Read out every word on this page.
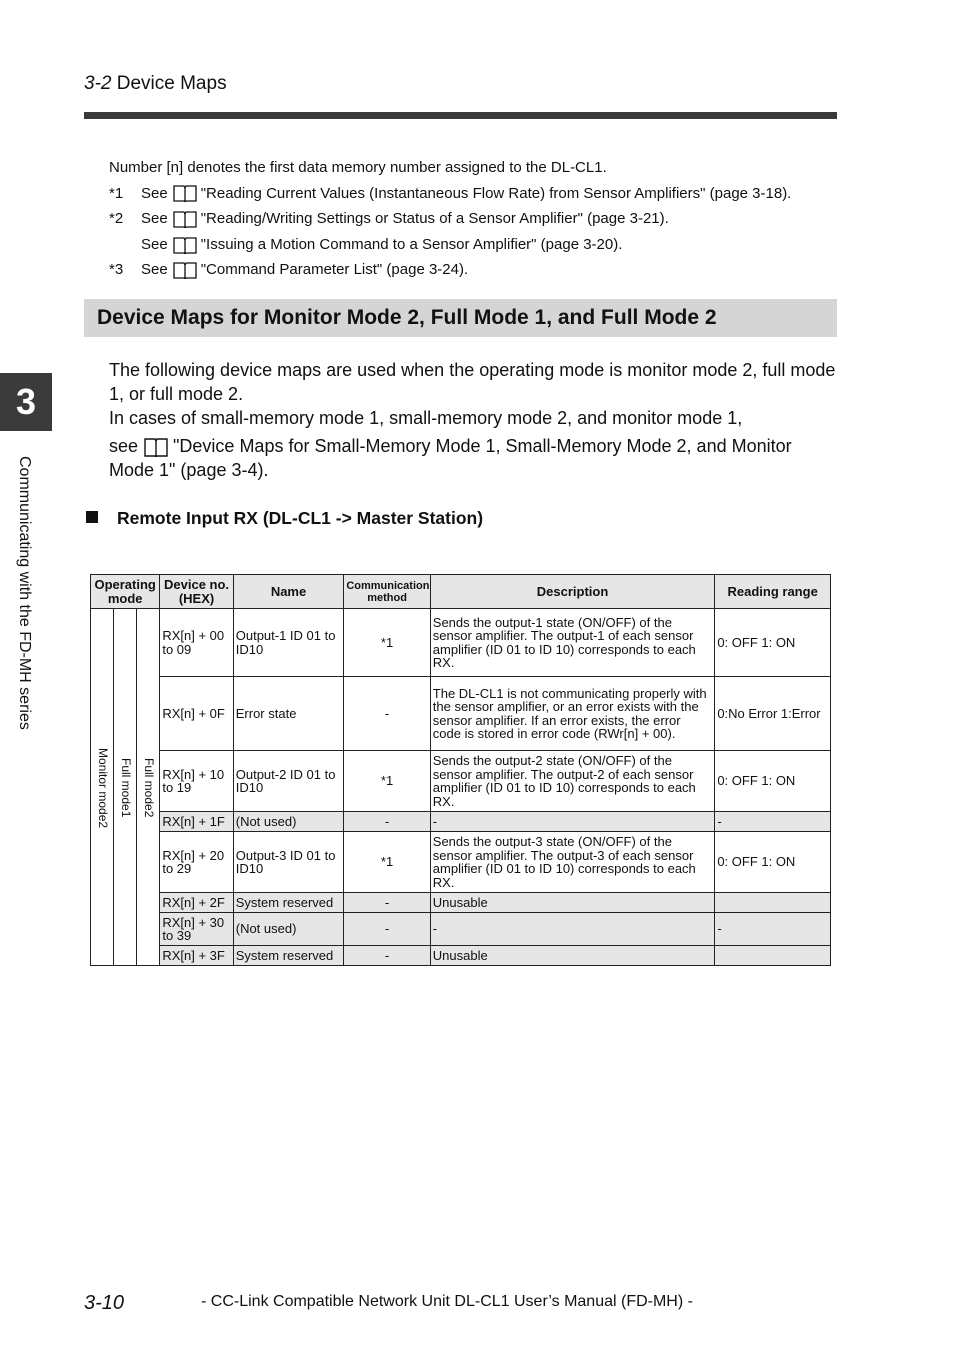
3-2 Device Maps
Number [n] denotes the first data memory number assigned to the DL-CL1.
*1	See "Reading Current Values (Instantaneous Flow Rate) from Sensor Amplifiers" (page 3-18).
*2	See "Reading/Writing Settings or Status of a Sensor Amplifier" (page 3-21).
See "Issuing a Motion Command to a Sensor Amplifier" (page 3-20).
*3	See "Command Parameter List" (page 3-24).
Device Maps for Monitor Mode 2, Full Mode 1, and Full Mode 2

The following device maps are used when the operating mode is monitor mode 2, full mode 1, or full mode 2.

In cases of small-memory mode 1, small-memory mode 2, and monitor mode 1,

see "Device Maps for Small-Memory Mode 1, Small-Memory Mode 2, and Monitor

Mode 1" (page 3-4).

Remote Input RX (DL-CL1 -> Master Station)
3
Communicating with the FD-MH series	Operating mode			Device no. (HEX)	Name	Communication method	Description	Reading range

Monitor mode2	Full mode1	Full mode2	RX[n] + 00 to 09	Output-1 ID 01 to ID10	*1	Sends the output-1 state (ON/OFF) of the sensor amplifier. The output-1 of each sensor amplifier (ID 01 to ID 10) corresponds to each RX.	0: OFF 1: ON
			RX[n] + 0F	Error state	-	The DL-CL1 is not communicating properly with the sensor amplifier, or an error exists with the sensor amplifier. If an error exists, the error code is stored in error code (RWr[n] + 00).	0:No Error 1:Error
			RX[n] + 10 to 19	Output-2 ID 01 to ID10	*1	Sends the output-2 state (ON/OFF) of the sensor amplifier. The output-2 of each sensor amplifier (ID 01 to ID 10) corresponds to each RX.	0: OFF 1: ON
			RX[n] + 1F	(Not used)	-	-	-
			RX[n] + 20 to 29	Output-3 ID 01 to ID10	*1	Sends the output-3 state (ON/OFF) of the sensor amplifier. The output-3 of each sensor amplifier (ID 01 to ID 10) corresponds to each RX.	0: OFF 1: ON
			RX[n] + 2F	System reserved	-	Unusable	
			RX[n] + 30 to 39	(Not used)	-	-	-
			RX[n] + 3F	System reserved	-	Unusable	
3-10	- CC-Link Compatible Network Unit DL-CL1 User’s Manual (FD-MH) -
